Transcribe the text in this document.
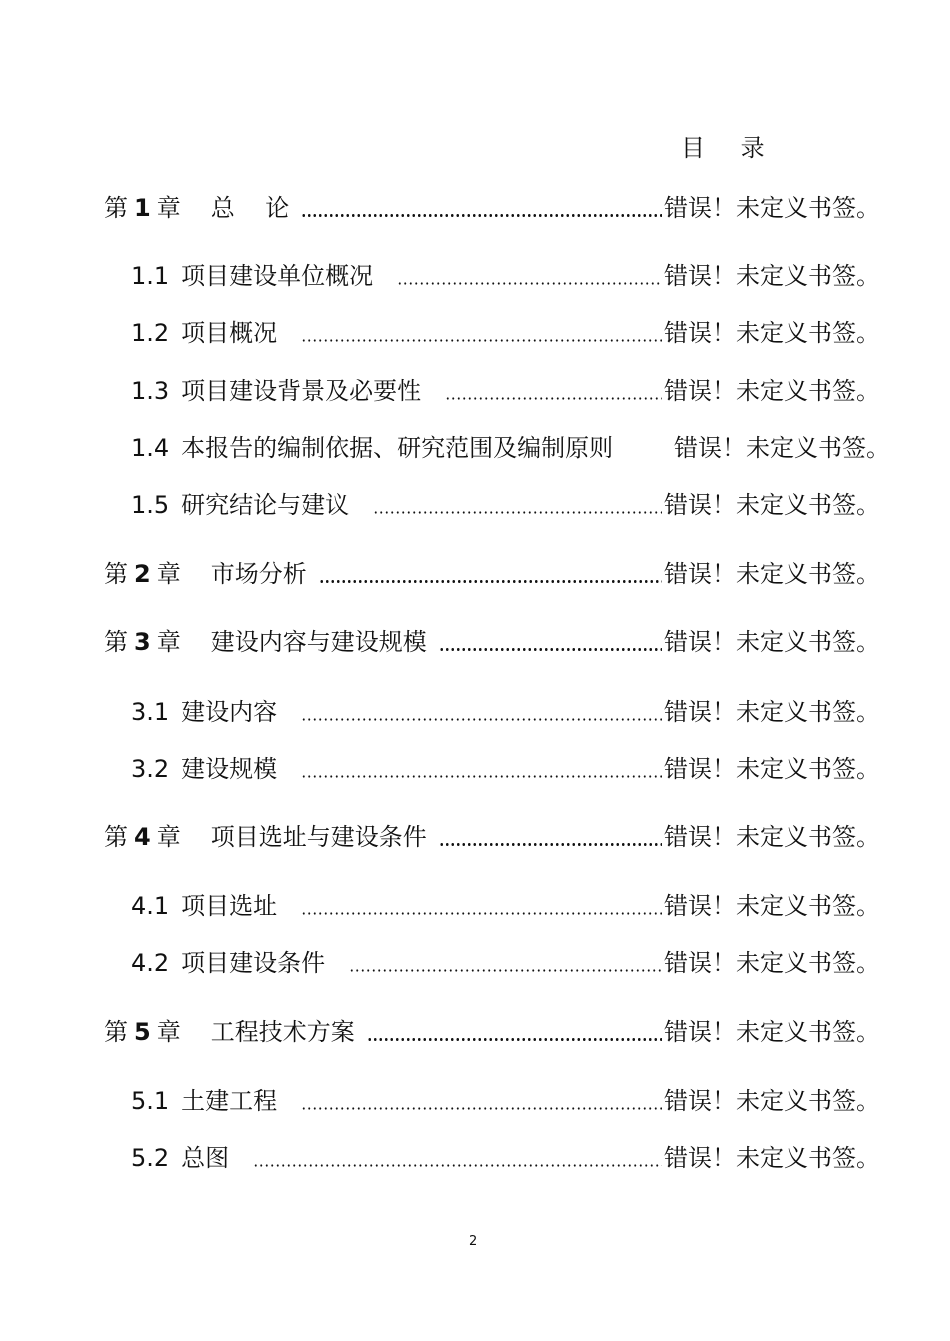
目 录
第 1 章 总    论	错误！未定义书签。
1.1 项目建设单位概况	错误！未定义书签。
1.2 项目概况	错误！未定义书签。
1.3 项目建设背景及必要性	错误！未定义书签。
1.4 本报告的编制依据、研究范围及编制原则	错误！未定义书签。
1.5 研究结论与建议	错误！未定义书签。
第 2 章 市场分析	错误！未定义书签。
第 3 章 建设内容与建设规模	错误！未定义书签。
3.1 建设内容	错误！未定义书签。
3.2 建设规模	错误！未定义书签。
第 4 章 项目选址与建设条件	错误！未定义书签。
4.1 项目选址	错误！未定义书签。
4.2 项目建设条件	错误！未定义书签。
第 5 章 工程技术方案	错误！未定义书签。
5.1 土建工程	错误！未定义书签。
5.2 总图	错误！未定义书签。
2
